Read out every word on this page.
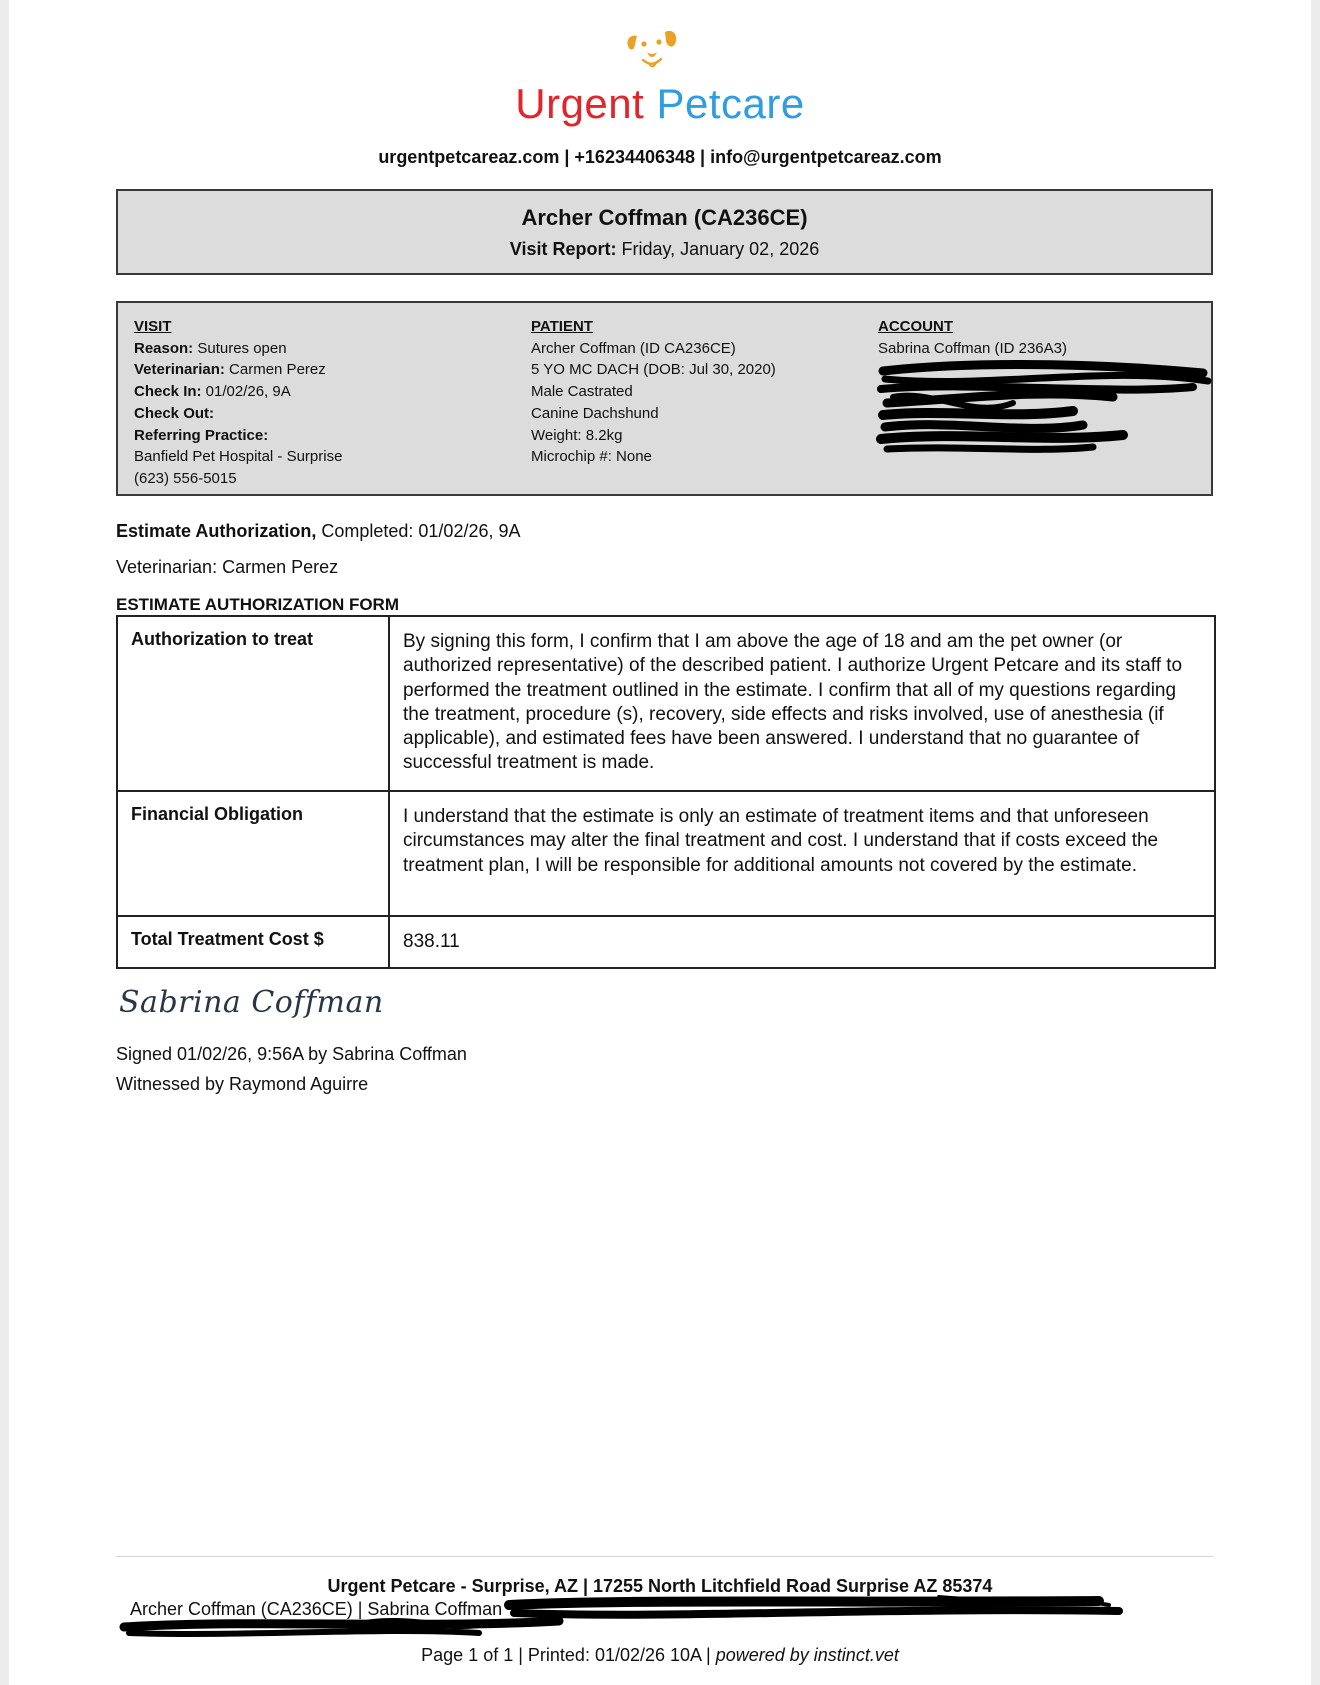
Urgent Petcare
urgentpetcareaz.com | +16234406348 | info@urgentpetcareaz.com
Archer Coffman (CA236CE)
Visit Report: Friday, January 02, 2026
VISIT
Reason: Sutures open
Veterinarian: Carmen Perez
Check In: 01/02/26, 9A
Check Out:
Referring Practice:
Banfield Pet Hospital - Surprise
(623) 556-5015
PATIENT
Archer Coffman (ID CA236CE)
5 YO MC DACH (DOB: Jul 30, 2020)
Male Castrated
Canine Dachshund
Weight: 8.2kg
Microchip #: None
ACCOUNT
Sabrina Coffman (ID 236A3)
Estimate Authorization, Completed: 01/02/26, 9A
Veterinarian: Carmen Perez
ESTIMATE AUTHORIZATION FORM
Authorization to treat	By signing this form, I confirm that I am above the age of 18 and am the pet owner (or authorized representative) of the described patient. I authorize Urgent Petcare and its staff to performed the treatment outlined in the estimate. I confirm that all of my questions regarding the treatment, procedure (s), recovery, side effects and risks involved, use of anesthesia (if applicable), and estimated fees have been answered. I understand that no guarantee of successful treatment is made.
Financial Obligation	I understand that the estimate is only an estimate of treatment items and that unforeseen circumstances may alter the final treatment and cost. I understand that if costs exceed the treatment plan, I will be responsible for additional amounts not covered by the estimate.
Total Treatment Cost $	838.11
Sabrina Coffman
Signed 01/02/26, 9:56A by Sabrina Coffman
Witnessed by Raymond Aguirre
Urgent Petcare - Surprise, AZ | 17255 North Litchfield Road Surprise AZ 85374
Archer Coffman (CA236CE) | Sabrina Coffman
Page 1 of 1 | Printed: 01/02/26 10A | powered by instinct.vet
